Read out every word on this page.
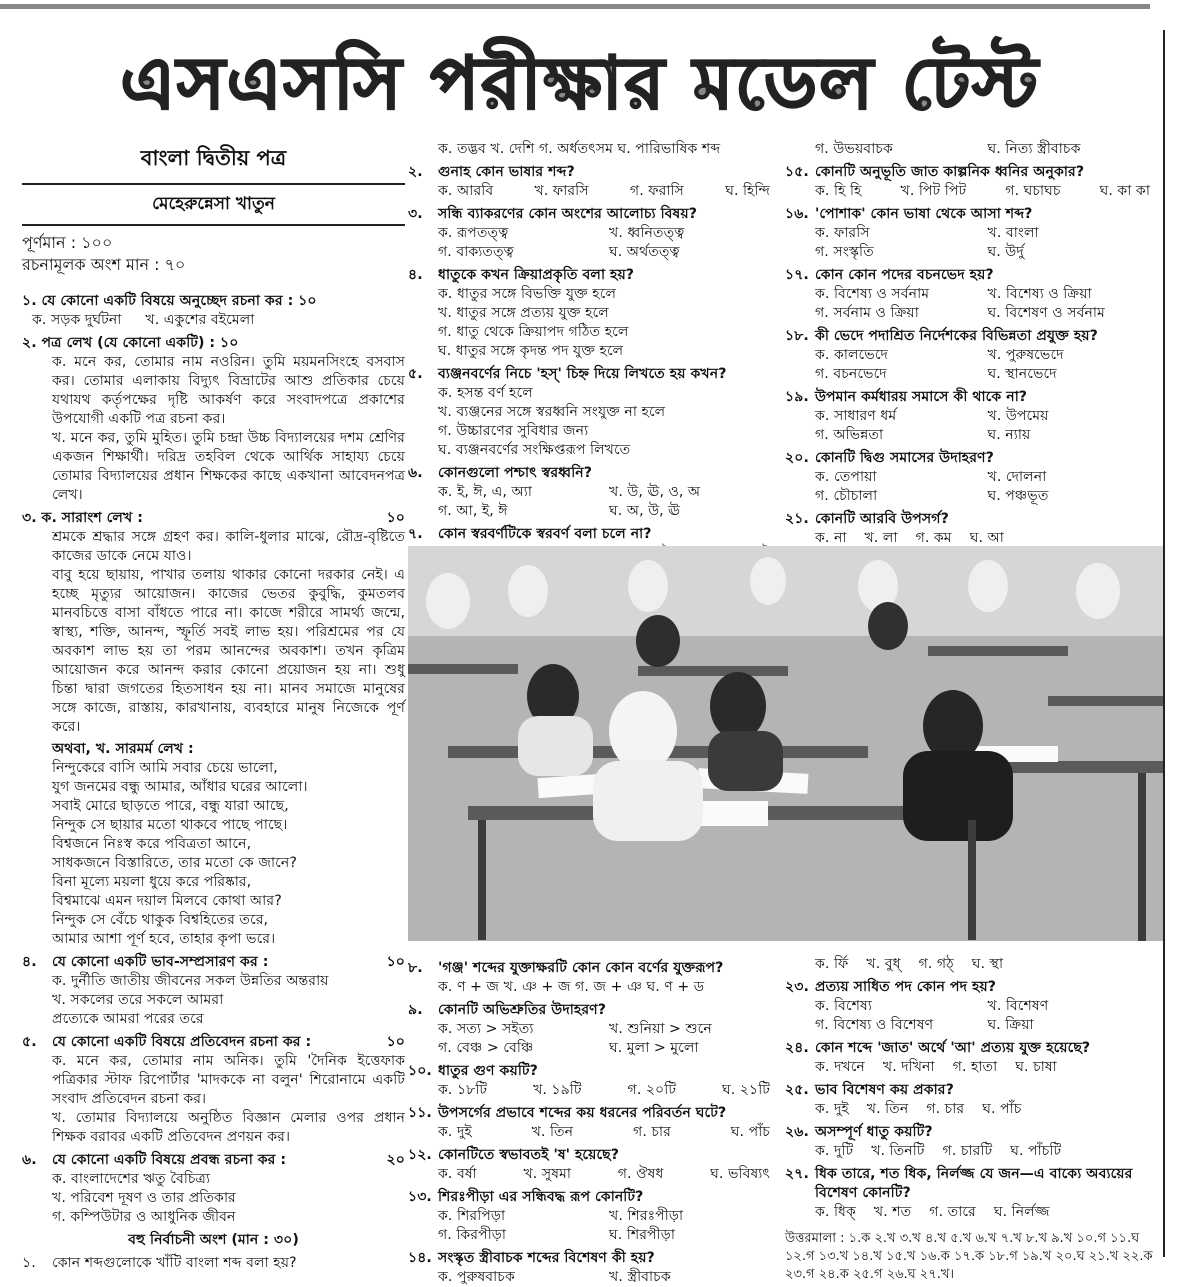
এসএসসি পরীক্ষার মডেল টেস্ট
বাংলা দ্বিতীয় পত্র
মেহেরুন্নেসা খাতুন
পূর্ণমান : ১০০
রচনামূলক অংশ মান : ৭০
১. যে কোনো একটি বিষয়ে অনুচ্ছেদ রচনা কর : ১০
ক. সড়ক দুর্ঘটনা খ. একুশের বইমেলা
২. পত্র লেখ (যে কোনো একটি) : ১০
ক. মনে কর, তোমার নাম নওরিন। তুমি ময়মনসিংহে বসবাস কর। তোমার এলাকায় বিদ্যুৎ বিভ্রাটের আশু প্রতিকার চেয়ে যথাযথ কর্তৃপক্ষের দৃষ্টি আকর্ষণ করে সংবাদপত্রে প্রকাশের উপযোগী একটি পত্র রচনা কর।
খ. মনে কর, তুমি মুহিত। তুমি চন্দ্রা উচ্চ বিদ্যালয়ের দশম শ্রেণির একজন শিক্ষার্থী। দরিদ্র তহবিল থেকে আর্থিক সাহায্য চেয়ে তোমার বিদ্যালয়ের প্রধান শিক্ষকের কাছে একখানা আবেদনপত্র লেখ।
৩. ক. সারাংশ লেখ :	১০

শ্রমকে শ্রদ্ধার সঙ্গে গ্রহণ কর। কালি-ধুলার মাঝে, রৌদ্র-বৃষ্টিতে কাজের ডাকে নেমে যাও।

বাবু হয়ে ছায়ায়, পাখার তলায় থাকার কোনো দরকার নেই। এ হচ্ছে মৃত্যুর আয়োজন। কাজের ভেতর কুবুদ্ধি, কুমতলব মানবচিত্তে বাসা বাঁধতে পারে না। কাজে শরীরে সামর্থ্য জন্মে, স্বাস্থ্য, শক্তি, আনন্দ, স্ফূর্তি সবই লাভ হয়। পরিশ্রমের পর যে অবকাশ লাভ হয় তা পরম আনন্দের অবকাশ। তখন কৃত্রিম আয়োজন করে আনন্দ করার কোনো প্রয়োজন হয় না। শুধু চিন্তা দ্বারা জগতের হিতসাধন হয় না। মানব সমাজে মানুষের সঙ্গে কাজে, রাস্তায়, কারখানায়, ব্যবহারে মানুষ নিজেকে পূর্ণ করে।

অথবা, খ. সারমর্ম লেখ :
নিন্দুকেরে বাসি আমি সবার চেয়ে ভালো,
যুগ জনমের বন্ধু আমার, আঁধার ঘরের আলো।
সবাই মোরে ছাড়তে পারে, বন্ধু যারা আছে,
নিন্দুক সে ছায়ার মতো থাকবে পাছে পাছে।
বিশ্বজনে নিঃস্ব করে পবিত্রতা আনে,
সাধকজনে বিস্তারিতে, তার মতো কে জানে?
বিনা মূল্যে ময়লা ধুয়ে করে পরিষ্কার,
বিশ্বমাঝে এমন দয়াল মিলবে কোথা আর?
নিন্দুক সে বেঁচে থাকুক বিশ্বহিতের তরে,
আমার আশা পূর্ণ হবে, তাহার কৃপা ভরে।
৪.	যে কোনো একটি ভাব-সম্প্রসারণ কর :	১০
ক. দুর্নীতি জাতীয় জীবনের সকল উন্নতির অন্তরায়
খ. সকলের তরে সকলে আমরা
প্রত্যেকে আমরা পরের তরে
৫.	যে কোনো একটি বিষয়ে প্রতিবেদন রচনা কর :	১০
ক. মনে কর, তোমার নাম অনিক। তুমি 'দৈনিক ইত্তেফাক পত্রিকার স্টাফ রিপোর্টার 'মাদককে না বলুন' শিরোনামে একটি সংবাদ প্রতিবেদন রচনা কর।
খ. তোমার বিদ্যালয়ে অনুষ্ঠিত বিজ্ঞান মেলার ওপর প্রধান শিক্ষক বরাবর একটি প্রতিবেদন প্রণয়ন কর।
৬.	যে কোনো একটি বিষয়ে প্রবন্ধ রচনা কর :	২০
ক. বাংলাদেশের ঋতু বৈচিত্র্য
খ. পরিবেশ দূষণ ও তার প্রতিকার
গ. কম্পিউটার ও আধুনিক জীবন
বহু নির্বাচনী অংশ (মান : ৩০)
১.	কোন শব্দগুলোকে খাঁটি বাংলা শব্দ বলা হয়?
ক. তদ্ভব খ. দেশি গ. অর্ধতৎসম ঘ. পারিভাষিক শব্দ
২.	গুনাহ কোন ভাষার শব্দ?
ক. আরবি	খ. ফারসি	গ. ফরাসি	ঘ. হিন্দি
৩.	সন্ধি ব্যাকরণের কোন অংশের আলোচ্য বিষয়?
ক. রূপতত্ত্ব	খ. ধ্বনিতত্ত্ব
গ. বাক্যতত্ত্ব	ঘ. অর্থতত্ত্ব
৪.	ধাতুকে কখন ক্রিয়াপ্রকৃতি বলা হয়?
ক. ধাতুর সঙ্গে বিভক্তি যুক্ত হলে
খ. ধাতুর সঙ্গে প্রত্যয় যুক্ত হলে
গ. ধাতু থেকে ক্রিয়াপদ গঠিত হলে
ঘ. ধাতুর সঙ্গে কৃদন্ত পদ যুক্ত হলে
৫.	ব্যঞ্জনবর্ণের নিচে 'হস্' চিহ্ন দিয়ে লিখতে হয় কখন?
ক. হসন্ত বর্ণ হলে
খ. ব্যঞ্জনের সঙ্গে স্বরধ্বনি সংযুক্ত না হলে
গ. উচ্চারণের সুবিধার জন্য
ঘ. ব্যঞ্জনবর্ণের সংক্ষিপ্তরূপ লিখতে
৬.	কোনগুলো পশ্চাৎ স্বরধ্বনি?
ক. ই, ঈ, এ, অ্যা	খ. উ, ঊ, ও, অ
গ. আ, ই, ঈ	ঘ. অ, উ, ঊ
৭.	কোন স্বরবর্ণটিকে স্বরবর্ণ বলা চলে না?
গ. উভয়বাচক	ঘ. নিত্য স্ত্রীবাচক
১৫. কোনটি অনুভূতি জাত কাল্পনিক ধ্বনির অনুকার?
ক. হি হি	খ. পিট পিট	গ. ঘচাঘচ	ঘ. কা কা
১৬. 'পোশাক' কোন ভাষা থেকে আসা শব্দ?
ক. ফারসি	খ. বাংলা
গ. সংস্কৃতি	ঘ. উর্দু
১৭. কোন কোন পদের বচনভেদ হয়?
ক. বিশেষ্য ও সর্বনাম	খ. বিশেষ্য ও ক্রিয়া
গ. সর্বনাম ও ক্রিয়া	ঘ. বিশেষণ ও সর্বনাম
১৮. কী ভেদে পদাশ্রিত নির্দেশকের বিভিন্নতা প্রযুক্ত হয়?
ক. কালভেদে	খ. পুরুষভেদে
গ. বচনভেদে	ঘ. স্থানভেদে
১৯. উপমান কর্মধারয় সমাসে কী থাকে না?
ক. সাধারণ ধর্ম	খ. উপমেয়
গ. অভিন্নতা	ঘ. ন্যায়
২০. কোনটি দ্বিগু সমাসের উদাহরণ?
ক. তেপায়া	খ. দোলনা
গ. চৌচালা	ঘ. পঞ্চভূত
২১. কোনটি আরবি উপসর্গ?
ক. না খ. লা গ. কম ঘ. আ
৮.	'গঞ্জ' শব্দের যুক্তাক্ষরটি কোন কোন বর্ণের যুক্তরূপ?
ক. ণ + জ খ. ঞ + জ গ. জ + ঞ ঘ. ণ + ড
৯.	কোনটি অভিশ্রুতির উদাহরণ?
ক. সত্য > সইত্য	খ. শুনিয়া > শুনে
গ. বেঞ্চ > বেঞ্চি	ঘ. মুলা > মুলো
১০. ধাতুর গুণ কয়টি?
ক. ১৮টি	খ. ১৯টি	গ. ২০টি	ঘ. ২১টি
১১. উপসর্গের প্রভাবে শব্দের কয় ধরনের পরিবর্তন ঘটে?
ক. দুই	খ. তিন	গ. চার	ঘ. পাঁচ
১২. কোনটিতে স্বভাবতই 'ষ' হয়েছে?
ক. বর্ষা	খ. সুষমা	গ. ঔষধ	ঘ. ভবিষ্যৎ
১৩. শিরঃপীড়া এর সন্ধিবদ্ধ রূপ কোনটি?
ক. শিরপিড়া	খ. শিরঃপীড়া
গ. কিরপীড়া	ঘ. শিরপীড়া
১৪. সংস্কৃত স্ত্রীবাচক শব্দের বিশেষণ কী হয়?
ক. পুরুষবাচক	খ. স্ত্রীবাচক
ক. র্ফি খ. বুধ্ গ. গঠ্ ঘ. স্থা
২৩. প্রত্যয় সাধিত পদ কোন পদ হয়?
ক. বিশেষ্য	খ. বিশেষণ
গ. বিশেষ্য ও বিশেষণ	ঘ. ক্রিয়া
২৪. কোন শব্দে 'জাত' অর্থে 'আ' প্রত্যয় যুক্ত হয়েছে?
ক. দখনে খ. দখিনা গ. হাতা ঘ. চাষা
২৫. ভাব বিশেষণ কয় প্রকার?
ক. দুই খ. তিন গ. চার ঘ. পাঁচ
২৬. অসম্পূর্ণ ধাতু কয়টি?
ক. দুটি খ. তিনটি গ. চারটি ঘ. পাঁচটি
২৭. ধিক তারে, শত ধিক, নির্লজ্জ যে জন—এ বাক্যে অব্যয়ের বিশেষণ কোনটি?
ক. ধিক্ খ. শত গ. তারে ঘ. নির্লজ্জ
উত্তরমালা : ১.ক ২.খ ৩.খ ৪.খ ৫.খ ৬.খ ৭.খ ৮.খ ৯.খ ১০.গ ১১.ঘ ১২.গ ১৩.খ ১৪.খ ১৫.খ ১৬.ক ১৭.ক ১৮.গ ১৯.খ ২০.ঘ ২১.খ ২২.ক ২৩.গ ২৪.ক ২৫.গ ২৬.ঘ ২৭.খ।
